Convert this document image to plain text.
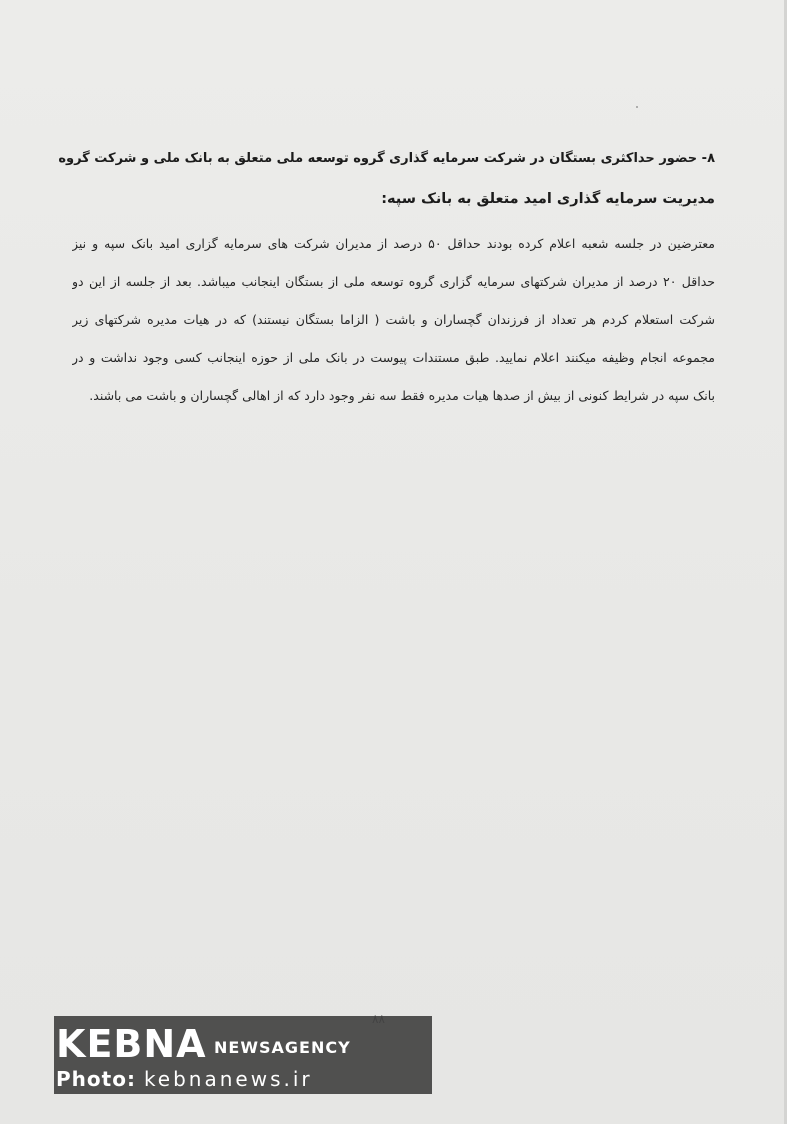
۸- حضور حداکثری بستگان در شرکت سرمایه گذاری گروه توسعه ملی متعلق به بانک ملی و شرکت گروه
مدیریت سرمایه گذاری امید متعلق به بانک سپه:
معترضین در جلسه شعبه اعلام کرده بودند حداقل ۵۰ درصد از مدیران شرکت های سرمایه گزاری امید بانک سپه و نیز
حداقل ۲۰ درصد از مدیران شرکتهای سرمایه گزاری گروه توسعه ملی از بستگان اینجانب میباشد. بعد از جلسه از این دو
شرکت استعلام کردم هر تعداد از فرزندان گچساران و باشت ( الزاما بستگان نیستند) که در هیات مدیره شرکتهای زیر
مجموعه انجام وظیفه میکنند اعلام نمایید. طبق مستندات پیوست در بانک ملی از حوزه اینجانب کسی وجود نداشت و در
بانک سپه در شرایط کنونی از بیش از صدها هیات مدیره فقط سه نفر وجود دارد که از اهالی گچساران و باشت می باشند.
KEBNA NEWSAGENCY
Photo: kebnanews.ir
